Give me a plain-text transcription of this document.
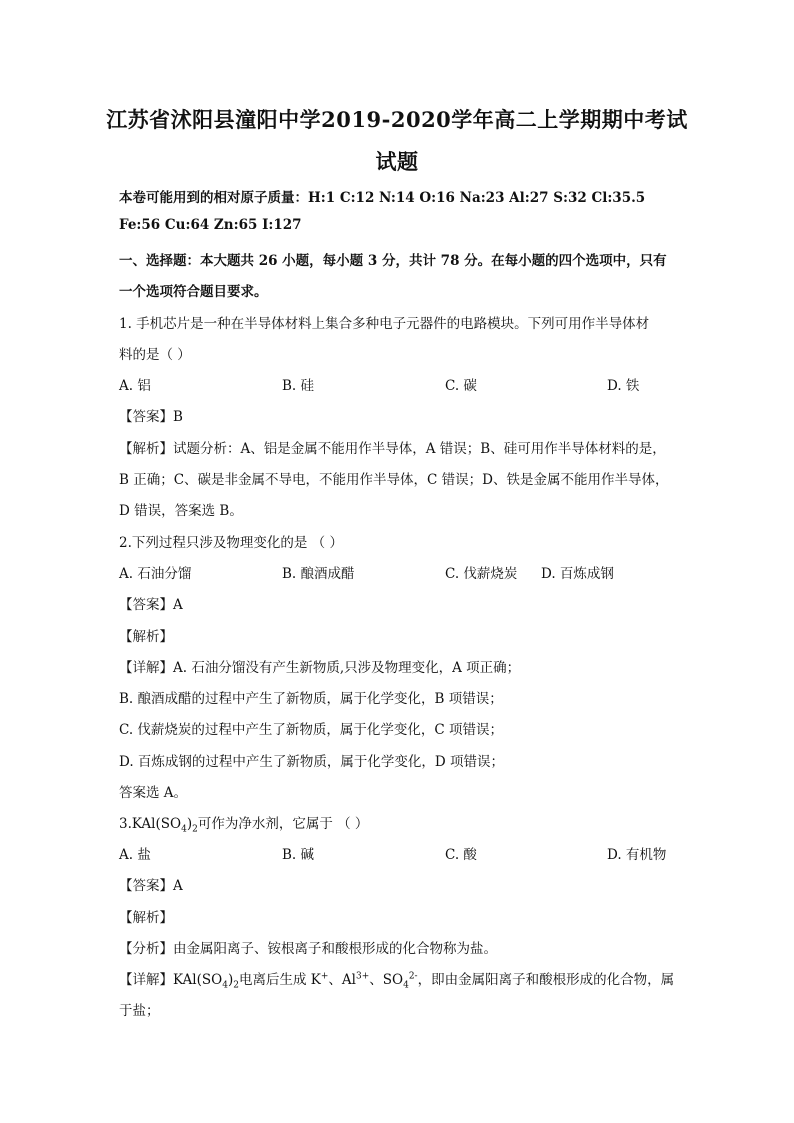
江苏省沭阳县潼阳中学2019-2020学年高二上学期期中考试
试题
本卷可能用到的相对原子质量：H:1 C:12 N:14 O:16 Na:23 Al:27 S:32 Cl:35.5
Fe:56 Cu:64 Zn:65 I:127
一、选择题：本大题共 26 小题，每小题 3 分，共计 78 分。在每小题的四个选项中，只有
一个选项符合题目要求。
1. 手机芯片是一种在半导体材料上集合多种电子元器件的电路模块。下列可用作半导体材
料的是（ ）
A. 铝	B. 硅	C. 碳	D. 铁
【答案】B
【解析】试题分析：A、铝是金属不能用作半导体，A 错误；B、硅可用作半导体材料的是，
B 正确；C、碳是非金属不导电，不能用作半导体，C 错误；D、铁是金属不能用作半导体，
D 错误，答案选 B。
2.下列过程只涉及物理变化的是 （ ）
A. 石油分馏	B. 酿酒成醋	C. 伐薪烧炭 D. 百炼成钢
【答案】A
【解析】
【详解】A. 石油分馏没有产生新物质,只涉及物理变化，A 项正确；
B. 酿酒成醋的过程中产生了新物质，属于化学变化，B 项错误；
C. 伐薪烧炭的过程中产生了新物质，属于化学变化，C 项错误；
D. 百炼成钢的过程中产生了新物质，属于化学变化，D 项错误；
答案选 A。
$3.KAl(SO_4)_2$可作为净水剂，它属于 （ ）
A. 盐	B. 碱	C. 酸	D. 有机物
【答案】A
【解析】
【分析】由金属阳离子、铵根离子和酸根形成的化合物称为盐。
【详解】$KAl(SO_4)_2$电离后生成 K+、$Al^{3+}$、$SO_4^{2-}$，即由金属阳离子和酸根形成的化合物，属
于盐；
